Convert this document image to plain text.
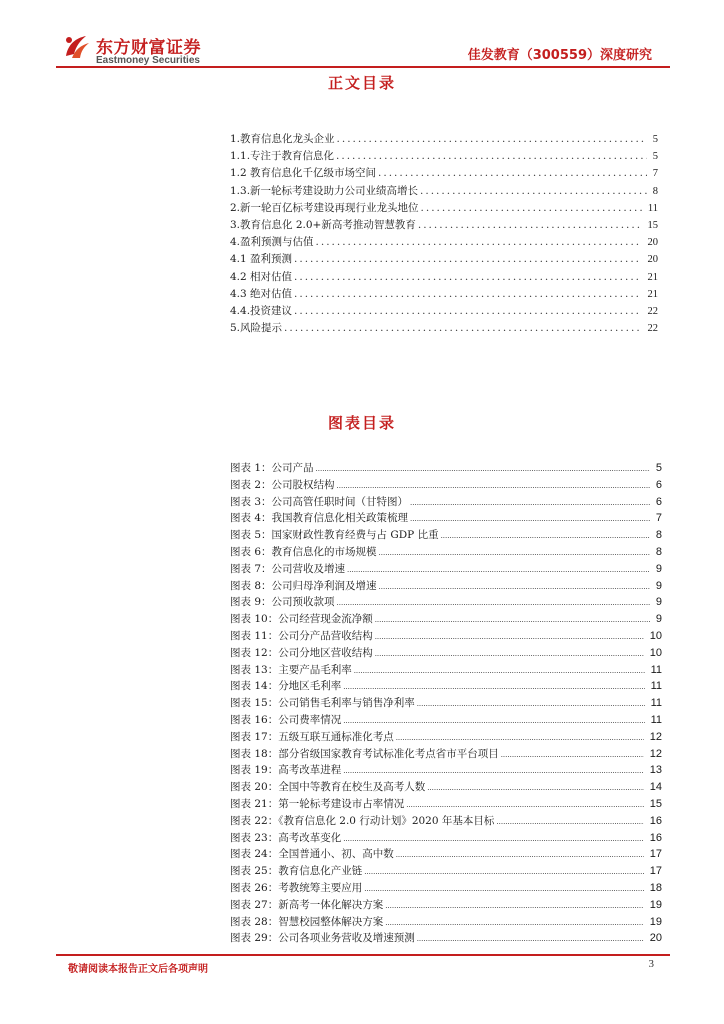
东方财富证券
Eastmoney Securities	佳发教育（300559）深度研究
正文目录
1.教育信息化龙头企业 .....	5
1.1.专注于教育信息化 .....	5
1.2 教育信息化千亿级市场空间 .....	7
1.3.新一轮标考建设助力公司业绩高增长 .....	8
2.新一轮百亿标考建设再现行业龙头地位 .....	11
3.教育信息化 2.0+新高考推动智慧教育 .....	15
4.盈利预测与估值 .....	20
4.1 盈利预测 .....	20
4.2 相对估值 .....	21
4.3 绝对估值 .....	21
4.4.投资建议 .....	22
5.风险提示 .....	22
图表目录
图表 1：公司产品 .....	5
图表 2：公司股权结构 .....	6
图表 3：公司高管任职时间（甘特图） .....	6
图表 4：我国教育信息化相关政策梳理 .....	7
图表 5：国家财政性教育经费与占 GDP 比重 .....	8
图表 6：教育信息化的市场规模 .....	8
图表 7：公司营收及增速 .....	9
图表 8：公司归母净利润及增速 .....	9
图表 9：公司预收款项 .....	9
图表 10：公司经营现金流净额 .....	9
图表 11：公司分产品营收结构 .....	10
图表 12：公司分地区营收结构 .....	10
图表 13：主要产品毛利率 .....	11
图表 14：分地区毛利率 .....	11
图表 15：公司销售毛利率与销售净利率 .....	11
图表 16：公司费率情况 .....	11
图表 17：五级互联互通标准化考点 .....	12
图表 18：部分省级国家教育考试标准化考点省市平台项目 .....	12
图表 19：高考改革进程 .....	13
图表 20：全国中等教育在校生及高考人数 .....	14
图表 21：第一轮标考建设市占率情况 .....	15
图表 22：《教育信息化 2.0 行动计划》2020 年基本目标 .....	16
图表 23：高考改革变化 .....	16
图表 24：全国普通小、初、高中数 .....	17
图表 25：教育信息化产业链 .....	17
图表 26：考教统筹主要应用 .....	18
图表 27：新高考一体化解决方案 .....	19
图表 28：智慧校园整体解决方案 .....	19
图表 29：公司各项业务营收及增速预测 .....	20
敬请阅读本报告正文后各项声明	3
